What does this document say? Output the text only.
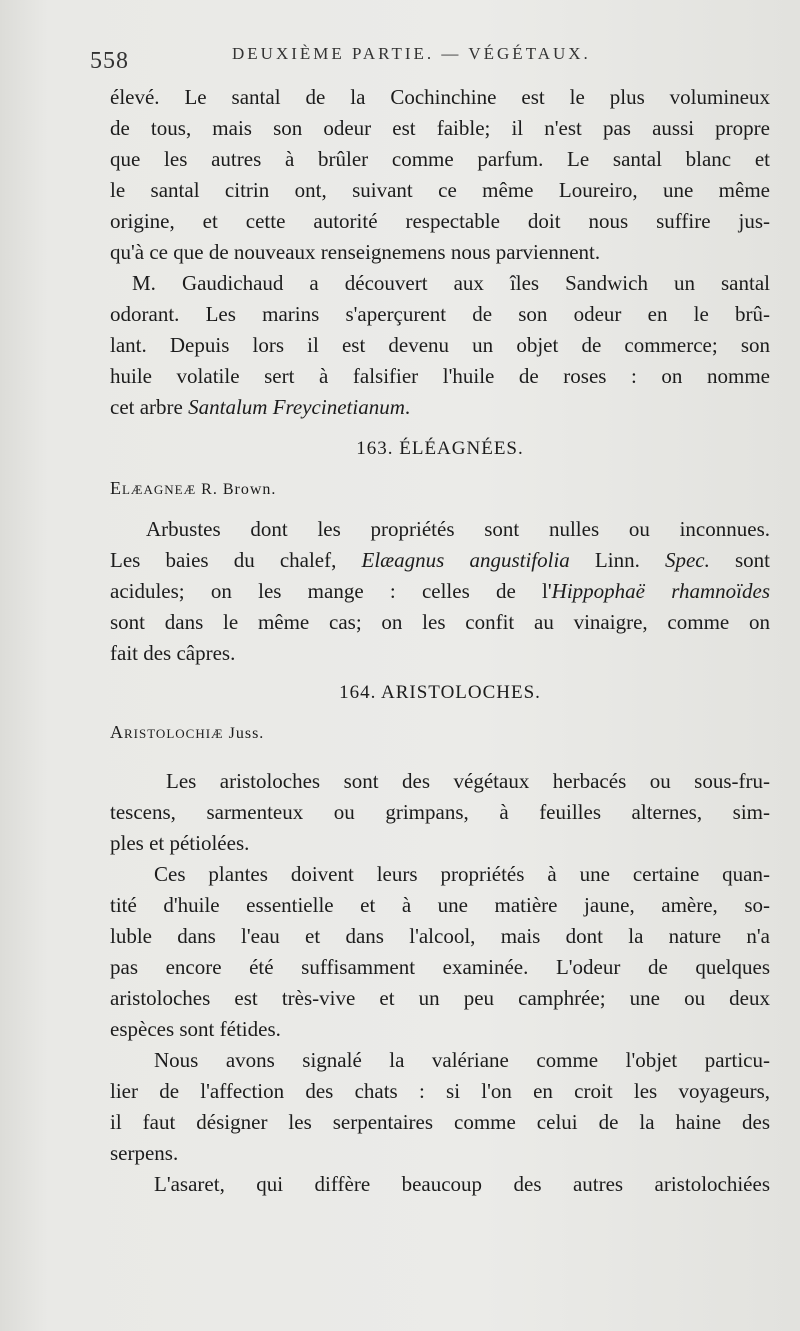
558	DEUXIÈME PARTIE. — VÉGÉTAUX.
élevé. Le santal de la Cochinchine est le plus volumineux
de tous, mais son odeur est faible; il n'est pas aussi propre
que les autres à brûler comme parfum. Le santal blanc et
le santal citrin ont, suivant ce même Loureiro, une même
origine, et cette autorité respectable doit nous suffire jus-
qu'à ce que de nouveaux renseignemens nous parviennent.
M. Gaudichaud a découvert aux îles Sandwich un santal
odorant. Les marins s'aperçurent de son odeur en le brû-
lant. Depuis lors il est devenu un objet de commerce; son
huile volatile sert à falsifier l'huile de roses : on nomme
cet arbre Santalum Freycinetianum.
163. ÉLÉAGNÉES.
Elæagneæ R. Brown.
Arbustes dont les propriétés sont nulles ou inconnues.
Les baies du chalef, Elæagnus angustifolia Linn. Spec. sont
acidules; on les mange : celles de l'Hippophaë rhamnoïdes
sont dans le même cas; on les confit au vinaigre, comme on
fait des câpres.
164. ARISTOLOCHES.
Aristolochiæ Juss.
Les aristoloches sont des végétaux herbacés ou sous-fru-
tescens, sarmenteux ou grimpans, à feuilles alternes, sim-
ples et pétiolées.
Ces plantes doivent leurs propriétés à une certaine quan-
tité d'huile essentielle et à une matière jaune, amère, so-
luble dans l'eau et dans l'alcool, mais dont la nature n'a
pas encore été suffisamment examinée. L'odeur de quelques
aristoloches est très-vive et un peu camphrée; une ou deux
espèces sont fétides.
Nous avons signalé la valériane comme l'objet particu-
lier de l'affection des chats : si l'on en croit les voyageurs,
il faut désigner les serpentaires comme celui de la haine des
serpens.
L'asaret, qui diffère beaucoup des autres aristolochiées
